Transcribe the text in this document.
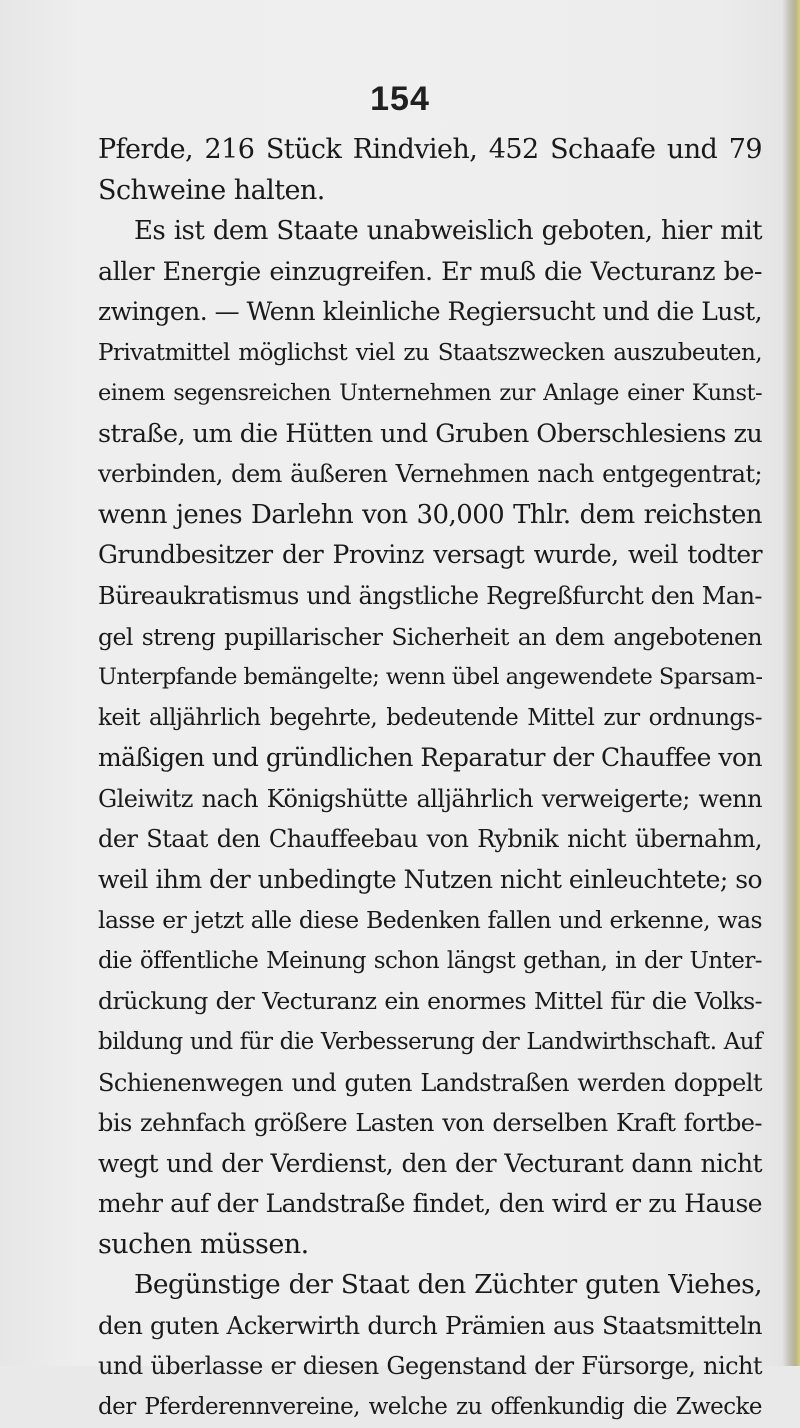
154
Pferde, 216 Stück Rindvieh, 452 Schaafe und 79
Schweine halten.
Es ist dem Staate unabweislich geboten, hier mit
aller Energie einzugreifen. Er muß die Vecturanz be-
zwingen. — Wenn kleinliche Regiersucht und die Lust,
Privatmittel möglichst viel zu Staatszwecken auszubeuten,
einem segensreichen Unternehmen zur Anlage einer Kunst-
straße, um die Hütten und Gruben Oberschlesiens zu
verbinden, dem äußeren Vernehmen nach entgegentrat;
wenn jenes Darlehn von 30,000 Thlr. dem reichsten
Grundbesitzer der Provinz versagt wurde, weil todter
Büreaukratismus und ängstliche Regreßfurcht den Man-
gel streng pupillarischer Sicherheit an dem angebotenen
Unterpfande bemängelte; wenn übel angewendete Sparsam-
keit alljährlich begehrte, bedeutende Mittel zur ordnungs-
mäßigen und gründlichen Reparatur der Chauffee von
Gleiwitz nach Königshütte alljährlich verweigerte; wenn
der Staat den Chauffeebau von Rybnik nicht übernahm,
weil ihm der unbedingte Nutzen nicht einleuchtete; so
lasse er jetzt alle diese Bedenken fallen und erkenne, was
die öffentliche Meinung schon längst gethan, in der Unter-
drückung der Vecturanz ein enormes Mittel für die Volks-
bildung und für die Verbesserung der Landwirthschaft. Auf
Schienenwegen und guten Landstraßen werden doppelt
bis zehnfach größere Lasten von derselben Kraft fortbe-
wegt und der Verdienst, den der Vecturant dann nicht
mehr auf der Landstraße findet, den wird er zu Hause
suchen müssen.
Begünstige der Staat den Züchter guten Viehes,
den guten Ackerwirth durch Prämien aus Staatsmitteln
und überlasse er diesen Gegenstand der Fürsorge, nicht
der Pferderennvereine, welche zu offenkundig die Zwecke
